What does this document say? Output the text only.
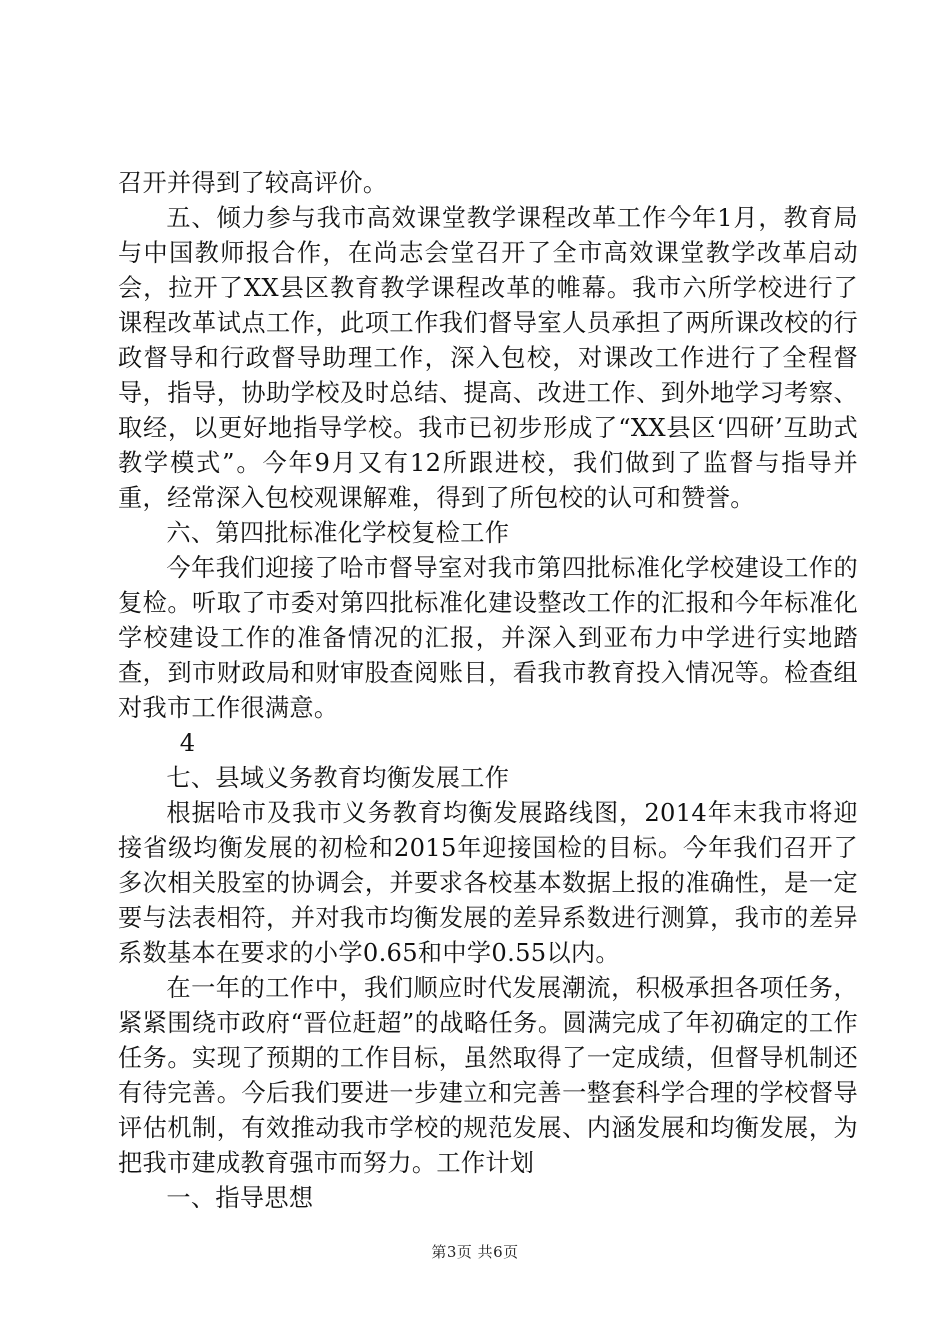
召开并得到了较高评价。

五、倾力参与我市高效课堂教学课程改革工作今年1月，教育局与中国教师报合作，在尚志会堂召开了全市高效课堂教学改革启动会，拉开了XX县区教育教学课程改革的帷幕。我市六所学校进行了课程改革试点工作，此项工作我们督导室人员承担了两所课改校的行政督导和行政督导助理工作，深入包校，对课改工作进行了全程督导，指导，协助学校及时总结、提高、改进工作、到外地学习考察、取经，以更好地指导学校。我市已初步形成了“XX县区‘四研’互助式教学模式”。今年9月又有12所跟进校，我们做到了监督与指导并重，经常深入包校观课解难，得到了所包校的认可和赞誉。

六、第四批标准化学校复检工作

今年我们迎接了哈市督导室对我市第四批标准化学校建设工作的复检。听取了市委对第四批标准化建设整改工作的汇报和今年标准化学校建设工作的准备情况的汇报，并深入到亚布力中学进行实地踏查，到市财政局和财审股查阅账目，看我市教育投入情况等。检查组对我市工作很满意。

4

七、县域义务教育均衡发展工作

根据哈市及我市义务教育均衡发展路线图，2014年末我市将迎接省级均衡发展的初检和2015年迎接国检的目标。今年我们召开了多次相关股室的协调会，并要求各校基本数据上报的准确性，是一定要与法表相符，并对我市均衡发展的差异系数进行测算，我市的差异系数基本在要求的小学0.65和中学0.55以内。

在一年的工作中，我们顺应时代发展潮流，积极承担各项任务，紧紧围绕市政府“晋位赶超”的战略任务。圆满完成了年初确定的工作任务。实现了预期的工作目标，虽然取得了一定成绩，但督导机制还有待完善。今后我们要进一步建立和完善一整套科学合理的学校督导评估机制，有效推动我市学校的规范发展、内涵发展和均衡发展，为把我市建成教育强市而努力。工作计划

一、指导思想

第3页 共6页
